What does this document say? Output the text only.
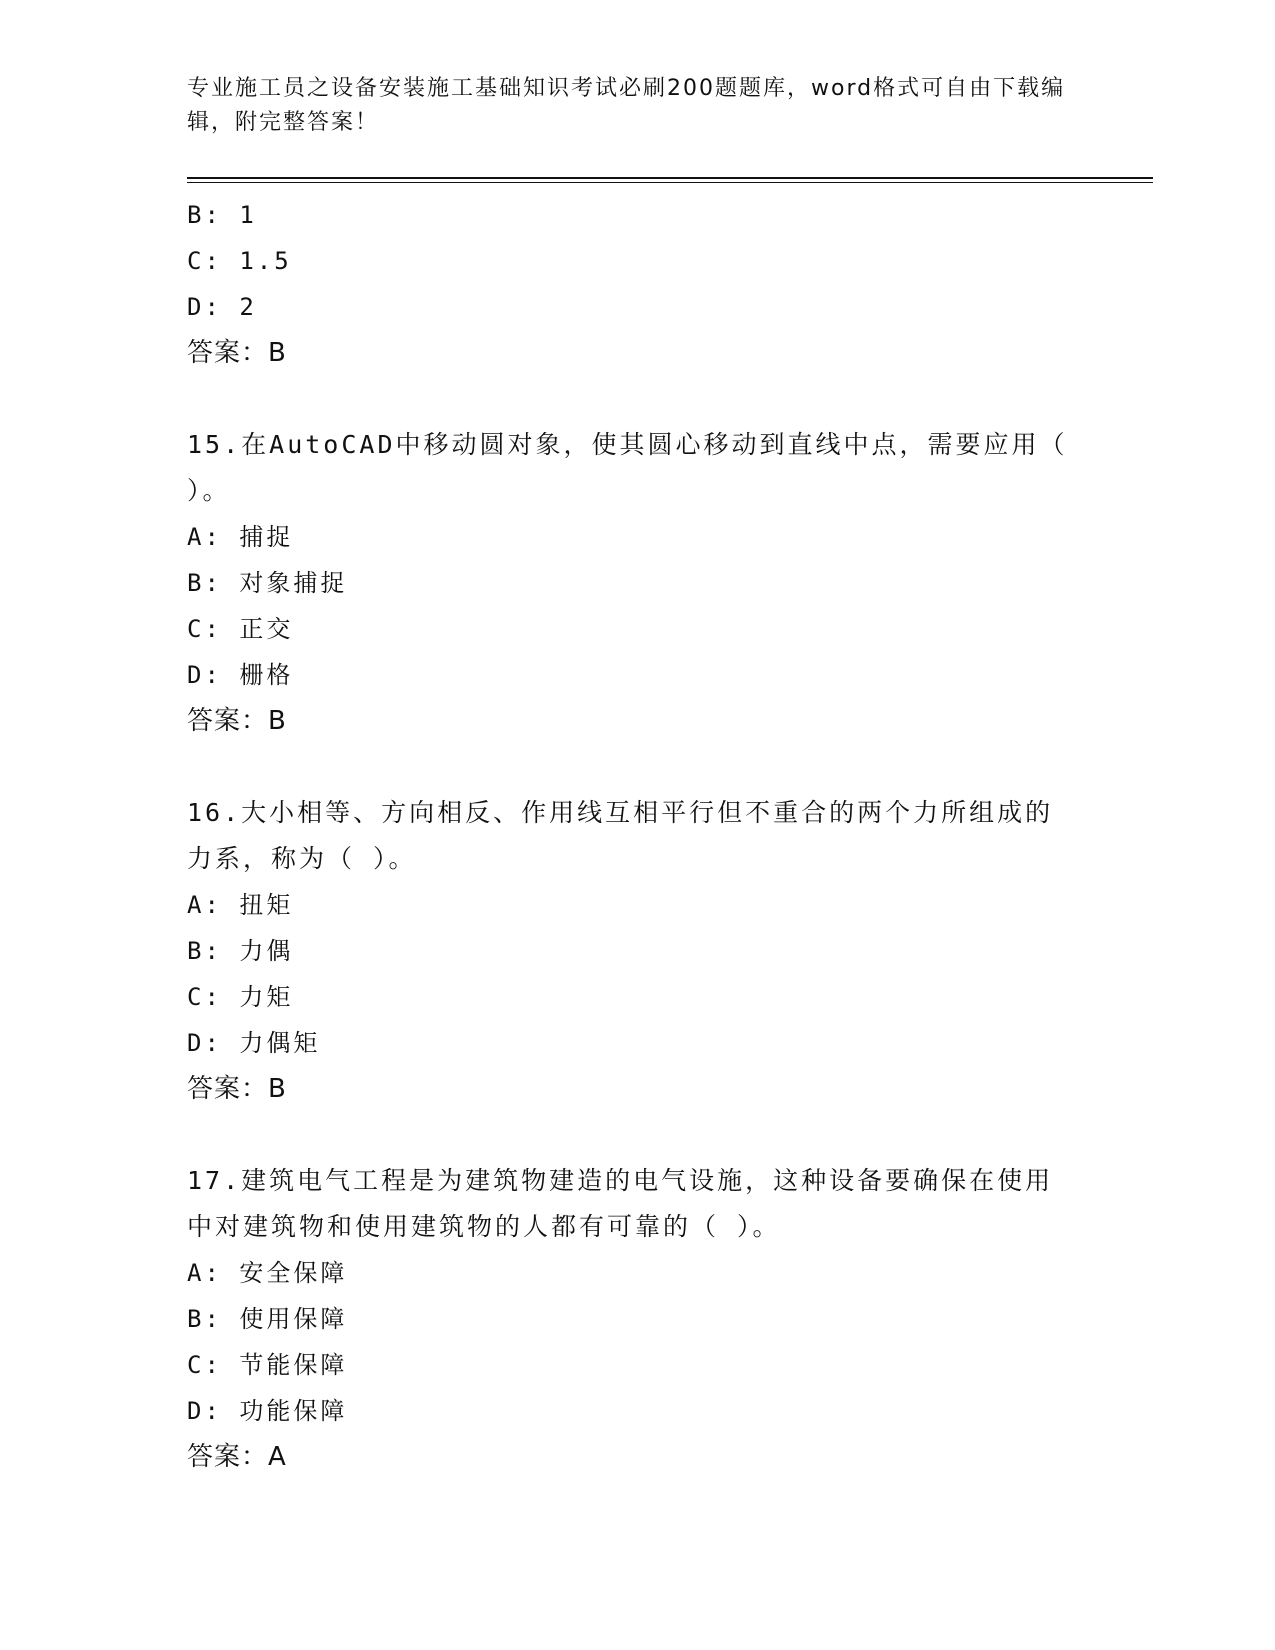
专业施工员之设备安装施工基础知识考试必刷200题题库，word格式可自由下载编辑，附完整答案！
B: 1
C: 1.5
D: 2
答案：B
15.在AutoCAD中移动圆对象，使其圆心移动到直线中点，需要应用（ ）。
A: 捕捉
B: 对象捕捉
C: 正交
D: 栅格
答案：B
16.大小相等、方向相反、作用线互相平行但不重合的两个力所组成的力系，称为（ ）。
A: 扭矩
B: 力偶
C: 力矩
D: 力偶矩
答案：B
17.建筑电气工程是为建筑物建造的电气设施，这种设备要确保在使用中对建筑物和使用建筑物的人都有可靠的（ ）。
A: 安全保障
B: 使用保障
C: 节能保障
D: 功能保障
答案：A
